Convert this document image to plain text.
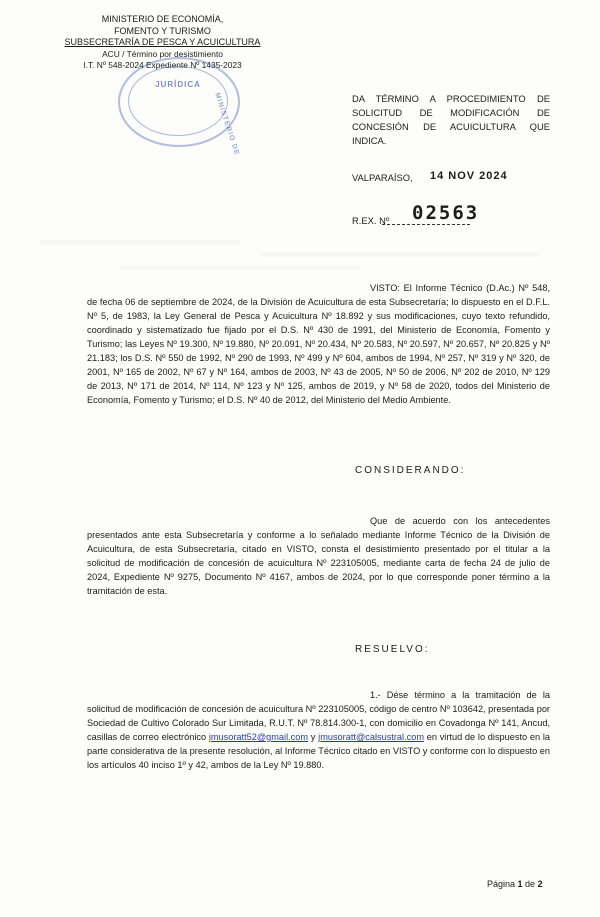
MINISTERIO DE ECONOMÍA,
FOMENTO Y TURISMO
SUBSECRETARÍA DE PESCA Y ACUICULTURA
ACU / Término por desistimiento
I.T. Nº 548-2024 Expediente Nº 1435-2023
JURÍDICA
MINISTERIO DE	DA TÉRMINO A PROCEDIMIENTO DE SOLICITUD DE MODIFICACIÓN DE CONCESIÓN DE ACUICULTURA QUE INDICA.
VALPARAÍSO, 14 NOV 2024
R.EX. Nº 02563
VISTO: El Informe Técnico (D.Ac.) Nº 548, de fecha 06 de septiembre de 2024, de la División de Acuicultura de esta Subsecretaría; lo dispuesto en el D.F.L. Nº 5, de 1983, la Ley General de Pesca y Acuicultura Nº 18.892 y sus modificaciones, cuyo texto refundido, coordinado y sistematizado fue fijado por el D.S. Nº 430 de 1991, del Ministerio de Economía, Fomento y Turismo; las Leyes Nº 19.300, Nº 19.880, Nº 20.091, Nº 20.434, Nº 20.583, Nº 20.597, Nº 20.657, Nº 20.825 y Nº 21.183; los D.S. Nº 550 de 1992, Nº 290 de 1993, Nº 499 y Nº 604, ambos de 1994, Nº 257, Nº 319 y Nº 320, de 2001, Nº 165 de 2002, Nº 67 y Nº 164, ambos de 2003, Nº 43 de 2005, Nº 50 de 2006, Nº 202 de 2010, Nº 129 de 2013, Nº 171 de 2014, Nº 114, Nº 123 y Nº 125, ambos de 2019, y Nº 58 de 2020, todos del Ministerio de Economía, Fomento y Turismo; el D.S. Nº 40 de 2012, del Ministerio del Medio Ambiente.
CONSIDERANDO:
Que de acuerdo con los antecedentes presentados ante esta Subsecretaría y conforme a lo señalado mediante Informe Técnico de la División de Acuicultura, de esta Subsecretaría, citado en VISTO, consta el desistimiento presentado por el titular a la solicitud de modificación de concesión de acuicultura Nº 223105005, mediante carta de fecha 24 de julio de 2024, Expediente Nº 9275, Documento Nº 4167, ambos de 2024, por lo que corresponde poner término a la tramitación de esta.
RESUELVO:
1.- Dése término a la tramitación de la solicitud de modificación de concesión de acuicultura Nº 223105005, código de centro Nº 103642, presentada por Sociedad de Cultivo Colorado Sur Limitada, R.U.T. Nº 78.814.300-1, con domicilio en Covadonga Nº 141, Ancud, casillas de correo electrónico jmusoratt52@gmail.com y jmusoratt@calsustral.com en virtud de lo dispuesto en la parte considerativa de la presente resolución, al Informe Técnico citado en VISTO y conforme con lo dispuesto en los artículos 40 inciso 1º y 42, ambos de la Ley Nº 19.880.
Página 1 de 2
